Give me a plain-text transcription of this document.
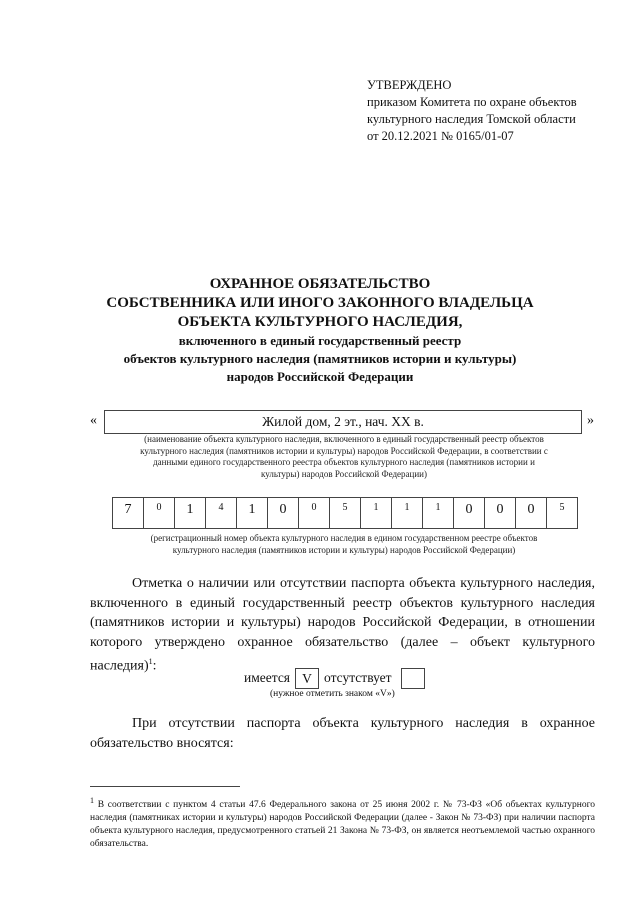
УТВЕРЖДЕНО
приказом Комитета по охране объектов
культурного наследия Томской области
от 20.12.2021 № 0165/01-07
ОХРАННОЕ ОБЯЗАТЕЛЬСТВО
СОБСТВЕННИКА ИЛИ ИНОГО ЗАКОННОГО ВЛАДЕЛЬЦА
ОБЪЕКТА КУЛЬТУРНОГО НАСЛЕДИЯ,
включенного в единый государственный реестр
объектов культурного наследия (памятников истории и культуры)
народов Российской Федерации
«	Жилой дом, 2 эт., нач. XX в.	»
(наименование объекта культурного наследия, включенного в единый государственный реестр объектов
культурного наследия (памятников истории и культуры) народов Российской Федерации, в соответствии с
данными единого государственного реестра объектов культурного наследия (памятников истории и
культуры) народов Российской Федерации)
7	0	1	4	1	0	0	5	1	1	1	0	0	0	5
(регистрационный номер объекта культурного наследия в едином государственном реестре объектов
культурного наследия (памятников истории и культуры) народов Российской Федерации)
Отметка о наличии или отсутствии паспорта объекта культурного наследия, включенного в единый государственный реестр объектов культурного наследия (памятников истории и культуры) народов Российской Федерации, в отношении которого утверждено охранное обязательство (далее – объект культурного наследия)$^1$:
имеется V отсутствует
(нужное отметить знаком «V»)
При отсутствии паспорта объекта культурного наследия в охранное обязательство вносятся:
$^1$ В соответствии с пунктом 4 статьи 47.6 Федерального закона от 25 июня 2002 г. № 73-ФЗ «Об объектах культурного наследия (памятниках истории и культуры) народов Российской Федерации (далее - Закон № 73-ФЗ) при наличии паспорта объекта культурного наследия, предусмотренного статьей 21 Закона № 73-ФЗ, он является неотъемлемой частью охранного обязательства.
